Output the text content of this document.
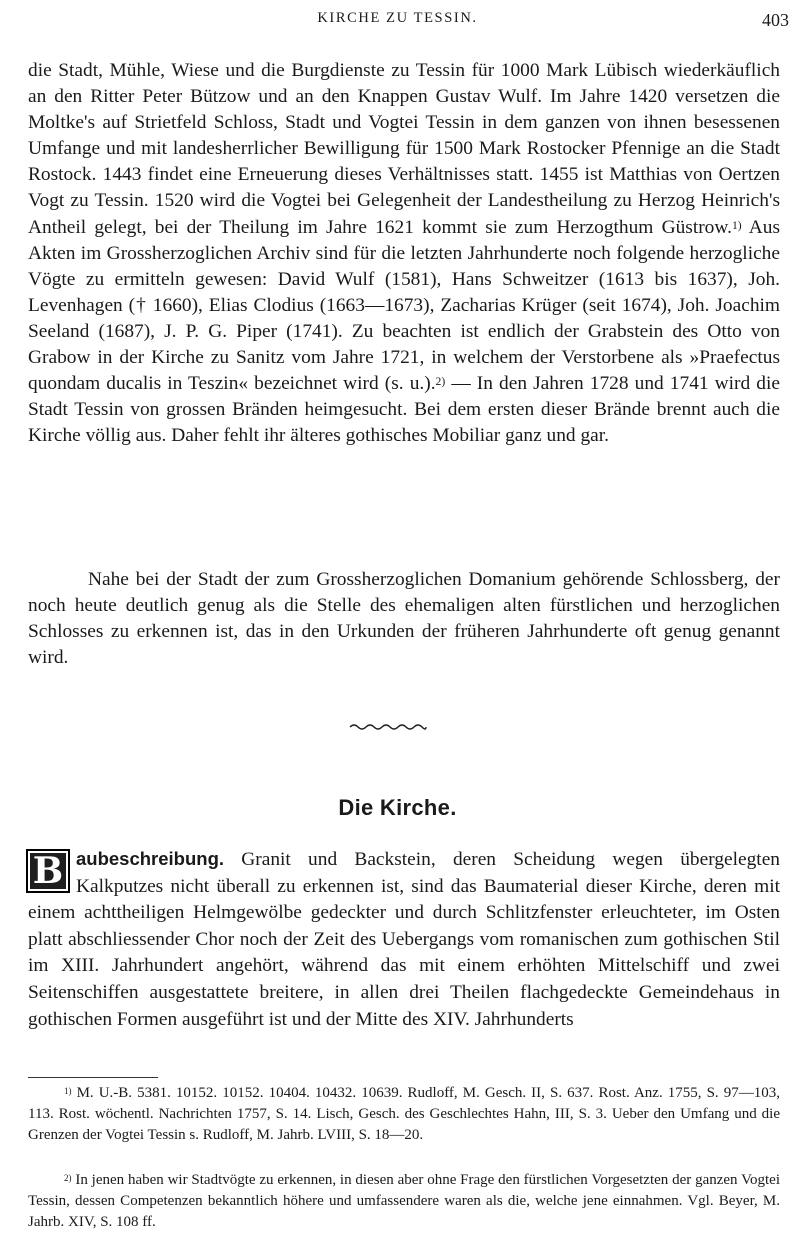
KIRCHE ZU TESSIN.	403

die Stadt, Mühle, Wiese und die Burgdienste zu Tessin für 1000 Mark Lübisch wiederkäuflich an den Ritter Peter Bützow und an den Knappen Gustav Wulf. Im Jahre 1420 versetzen die Moltke's auf Strietfeld Schloss, Stadt und Vogtei Tessin in dem ganzen von ihnen besessenen Umfange und mit landesherrlicher Bewilligung für 1500 Mark Rostocker Pfennige an die Stadt Rostock. 1443 findet eine Erneuerung dieses Verhältnisses statt. 1455 ist Matthias von Oertzen Vogt zu Tessin. 1520 wird die Vogtei bei Gelegenheit der Landestheilung zu Herzog Heinrich's Antheil gelegt, bei der Theilung im Jahre 1621 kommt sie zum Herzogthum Güstrow.$^{1)}$ Aus Akten im Grossherzoglichen Archiv sind für die letzten Jahrhunderte noch folgende herzogliche Vögte zu ermitteln gewesen: David Wulf (1581), Hans Schweitzer (1613 bis 1637), Joh. Levenhagen († 1660), Elias Clodius (1663—1673), Zacharias Krüger (seit 1674), Joh. Joachim Seeland (1687), J. P. G. Piper (1741). Zu beachten ist endlich der Grabstein des Otto von Grabow in der Kirche zu Sanitz vom Jahre 1721, in welchem der Verstorbene als »Praefectus quondam ducalis in Teszin« bezeichnet wird (s. u.).$^{2)}$ — In den Jahren 1728 und 1741 wird die Stadt Tessin von grossen Bränden heimgesucht. Bei dem ersten dieser Brände brennt auch die Kirche völlig aus. Daher fehlt ihr älteres gothisches Mobiliar ganz und gar.

Nahe bei der Stadt der zum Grossherzoglichen Domanium gehörende Schlossberg, der noch heute deutlich genug als die Stelle des ehemaligen alten fürstlichen und herzoglichen Schlosses zu erkennen ist, das in den Urkunden der früheren Jahrhunderte oft genug genannt wird.

Die Kirche.

B aubeschreibung. Granit und Backstein, deren Scheidung wegen übergelegten Kalkputzes nicht überall zu erkennen ist, sind das Baumaterial dieser Kirche, deren mit einem achttheiligen Helmgewölbe gedeckter und durch Schlitzfenster erleuchteter, im Osten platt abschliessender Chor noch der Zeit des Uebergangs vom romanischen zum gothischen Stil im XIII. Jahrhundert angehört, während das mit einem erhöhten Mittelschiff und zwei Seitenschiffen ausgestattete breitere, in allen drei Theilen flachgedeckte Gemeindehaus in gothischen Formen ausgeführt ist und der Mitte des XIV. Jahrhunderts

$^{1)}$ M. U.-B. 5381. 10152. 10152. 10404. 10432. 10639. Rudloff, M. Gesch. II, S. 637. Rost. Anz. 1755, S. 97—103, 113. Rost. wöchentl. Nachrichten 1757, S. 14. Lisch, Gesch. des Geschlechtes Hahn, III, S. 3. Ueber den Umfang und die Grenzen der Vogtei Tessin s. Rudloff, M. Jahrb. LVIII, S. 18—20.

$^{2)}$ In jenen haben wir Stadtvögte zu erkennen, in diesen aber ohne Frage den fürstlichen Vorgesetzten der ganzen Vogtei Tessin, dessen Competenzen bekanntlich höhere und umfassendere waren als die, welche jene einnahmen. Vgl. Beyer, M. Jahrb. XIV, S. 108 ff.
